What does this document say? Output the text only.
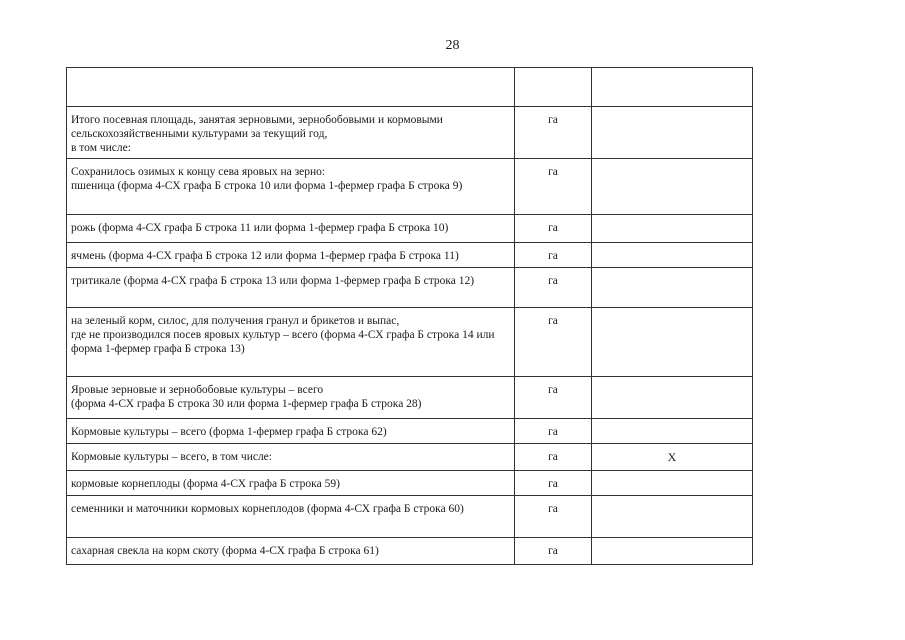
28

Итого посевная площадь, занятая зерновыми, зернобобовыми и кормовыми сельскохозяйственными культурами за текущий год,
в том числе:	га	
Сохранилось озимых к концу сева яровых на зерно:
пшеница (форма 4-СХ графа Б строка 10 или форма 1-фермер графа Б строка 9)	га	
рожь (форма 4-СХ графа Б строка 11 или форма 1-фермер графа Б строка 10)	га	
ячмень (форма 4-СХ графа Б строка 12 или форма 1-фермер графа Б строка 11)	га	
тритикале (форма 4-СХ графа Б строка 13 или форма 1-фермер графа Б строка 12)	га	
на зеленый корм, силос, для получения гранул и брикетов и выпас,
где не производился посев яровых культур – всего (форма 4-СХ графа Б строка 14 или форма 1-фермер графа Б строка 13)	га	
Яровые зерновые и зернобобовые культуры – всего
(форма 4-СХ графа Б строка 30 или форма 1-фермер графа Б строка 28)	га	
Кормовые культуры – всего (форма 1-фермер графа Б строка 62)	га	
Кормовые культуры – всего, в том числе:	га	Х
кормовые корнеплоды (форма 4-СХ графа Б строка 59)	га	
семенники и маточники кормовых корнеплодов (форма 4-СХ графа Б строка 60)	га	
сахарная свекла на корм скоту (форма 4-СХ графа Б строка 61)	га	
